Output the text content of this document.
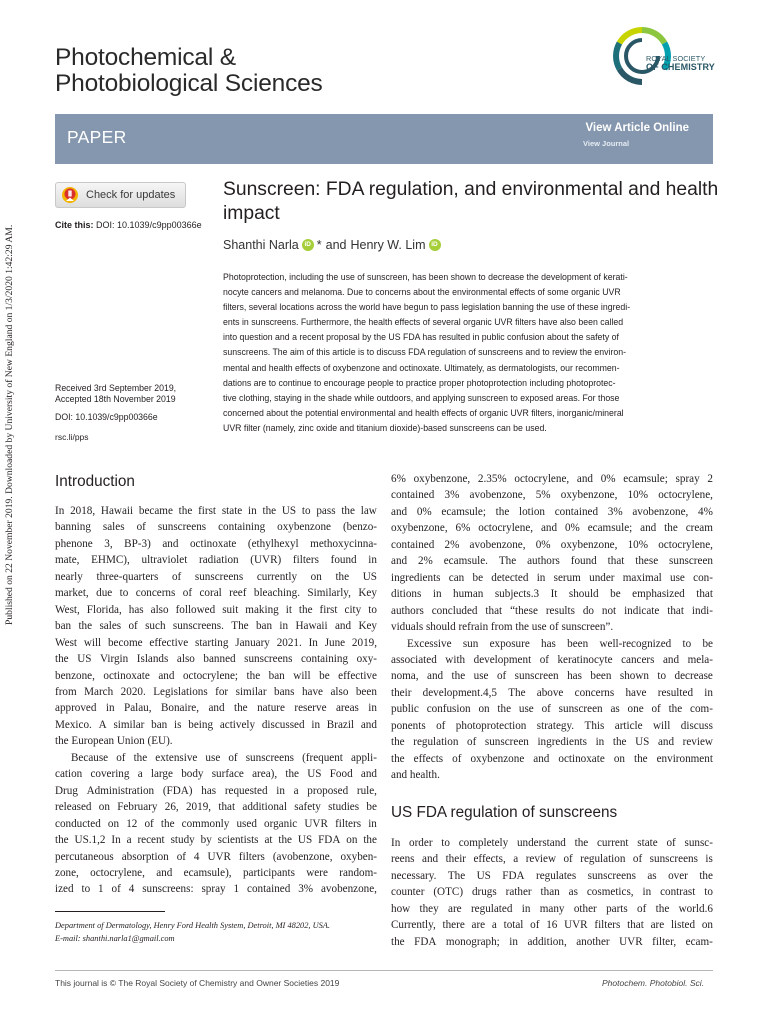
Published on 22 November 2019. Downloaded by University of New England on 1/3/2020 1:42:29 AM.
Photochemical &
Photobiological Sciences
ROYAL SOCIETY
OF CHEMISTRY
PAPER	View Article Online
View Journal
Check for updates
Cite this: DOI: 10.1039/c9pp00366e
Sunscreen: FDA regulation, and environmental and health impact
Shanthi Narla iD * and Henry W. Lim iD
Photoprotection, including the use of sunscreen, has been shown to decrease the development of kerati-
nocyte cancers and melanoma. Due to concerns about the environmental effects of some organic UVR
filters, several locations across the world have begun to pass legislation banning the use of these ingredi-
ents in sunscreens. Furthermore, the health effects of several organic UVR filters have also been called
into question and a recent proposal by the US FDA has resulted in public confusion about the safety of
sunscreens. The aim of this article is to discuss FDA regulation of sunscreens and to review the environ-
mental and health effects of oxybenzone and octinoxate. Ultimately, as dermatologists, our recommen-
dations are to continue to encourage people to practice proper photoprotection including photoprotec-
tive clothing, staying in the shade while outdoors, and applying sunscreen to exposed areas. For those
concerned about the potential environmental and health effects of organic UVR filters, inorganic/mineral
UVR filter (namely, zinc oxide and titanium dioxide)-based sunscreens can be used.
Received 3rd September 2019,
Accepted 18th November 2019
DOI: 10.1039/c9pp00366e
rsc.li/pps
Introduction
US FDA regulation of sunscreens
In 2018, Hawaii became the first state in the US to pass the law
banning sales of sunscreens containing oxybenzone (benzo-
phenone 3, BP-3) and octinoxate (ethylhexyl methoxycinna-
mate, EHMC), ultraviolet radiation (UVR) filters found in
nearly three-quarters of sunscreens currently on the US
market, due to concerns of coral reef bleaching. Similarly, Key
West, Florida, has also followed suit making it the first city to
ban the sales of such sunscreens. The ban in Hawaii and Key
West will become effective starting January 2021. In June 2019,
the US Virgin Islands also banned sunscreens containing oxy-
benzone, octinoxate and octocrylene; the ban will be effective
from March 2020. Legislations for similar bans have also been
approved in Palau, Bonaire, and the nature reserve areas in
Mexico. A similar ban is being actively discussed in Brazil and
the European Union (EU).
Because of the extensive use of sunscreens (frequent appli-
cation covering a large body surface area), the US Food and
Drug Administration (FDA) has requested in a proposed rule,
released on February 26, 2019, that additional safety studies be
conducted on 12 of the commonly used organic UVR filters in
the US.1,2 In a recent study by scientists at the US FDA on the
percutaneous absorption of 4 UVR filters (avobenzone, oxyben-
zone, octocrylene, and ecamsule), participants were random-
ized to 1 of 4 sunscreens: spray 1 contained 3% avobenzone,
6% oxybenzone, 2.35% octocrylene, and 0% ecamsule; spray 2
contained 3% avobenzone, 5% oxybenzone, 10% octocrylene,
and 0% ecamsule; the lotion contained 3% avobenzone, 4%
oxybenzone, 6% octocrylene, and 0% ecamsule; and the cream
contained 2% avobenzone, 0% oxybenzone, 10% octocrylene,
and 2% ecamsule. The authors found that these sunscreen
ingredients can be detected in serum under maximal use con-
ditions in human subjects.3 It should be emphasized that
authors concluded that “these results do not indicate that indi-
viduals should refrain from the use of sunscreen”.
Excessive sun exposure has been well-recognized to be
associated with development of keratinocyte cancers and mela-
noma, and the use of sunscreen has been shown to decrease
their development.4,5 The above concerns have resulted in
public confusion on the use of sunscreen as one of the com-
ponents of photoprotection strategy. This article will discuss
the regulation of sunscreen ingredients in the US and review
the effects of oxybenzone and octinoxate on the environment
and health.
In order to completely understand the current state of sunsc-
reens and their effects, a review of regulation of sunscreens is
necessary. The US FDA regulates sunscreens as over the
counter (OTC) drugs rather than as cosmetics, in contrast to
how they are regulated in many other parts of the world.6
Currently, there are a total of 16 UVR filters that are listed on
the FDA monograph; in addition, another UVR filter, ecam-
Department of Dermatology, Henry Ford Health System, Detroit, MI 48202, USA.
E-mail: shanthi.narla1@gmail.com
This journal is © The Royal Society of Chemistry and Owner Societies 2019	Photochem. Photobiol. Sci.
